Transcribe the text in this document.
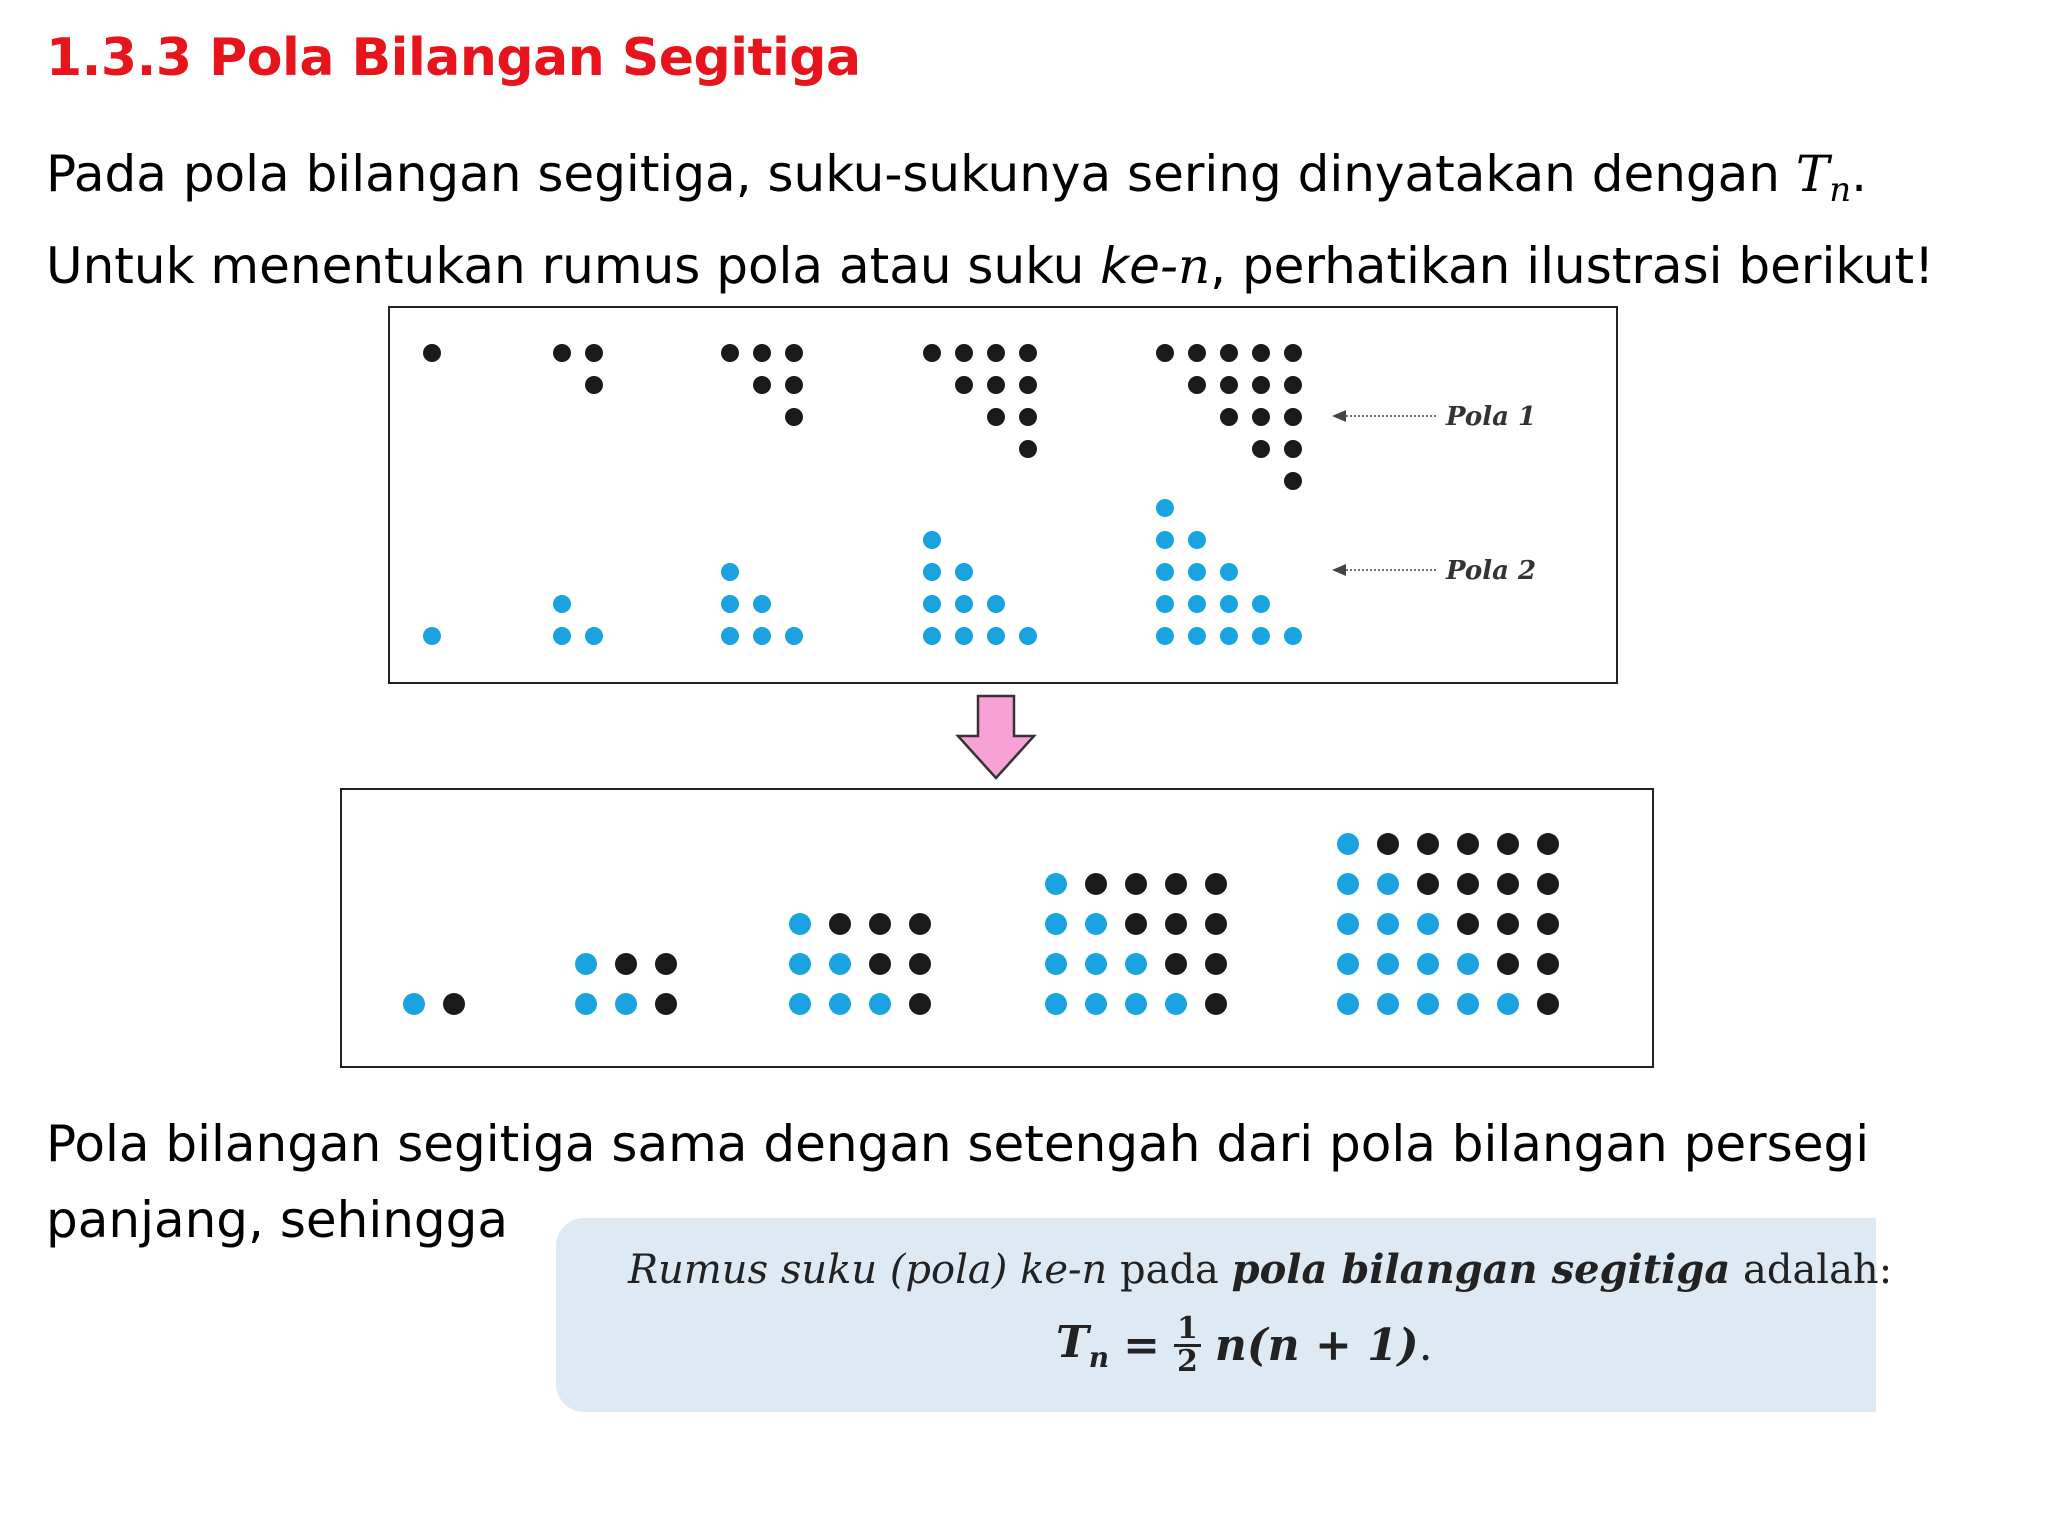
1.3.3 Pola Bilangan Segitiga
Pada pola bilangan segitiga, suku-sukunya sering dinyatakan dengan $T_n$.
Untuk menentukan rumus pola atau suku ke-n, perhatikan ilustrasi berikut!
Pola 1
Pola 2
Pola bilangan segitiga sama dengan setengah dari pola bilangan persegi
panjang, sehingga
Rumus suku (pola) ke-n pada pola bilangan segitiga adalah:
$T_n = \frac{1}{2} n(n + 1)$.
